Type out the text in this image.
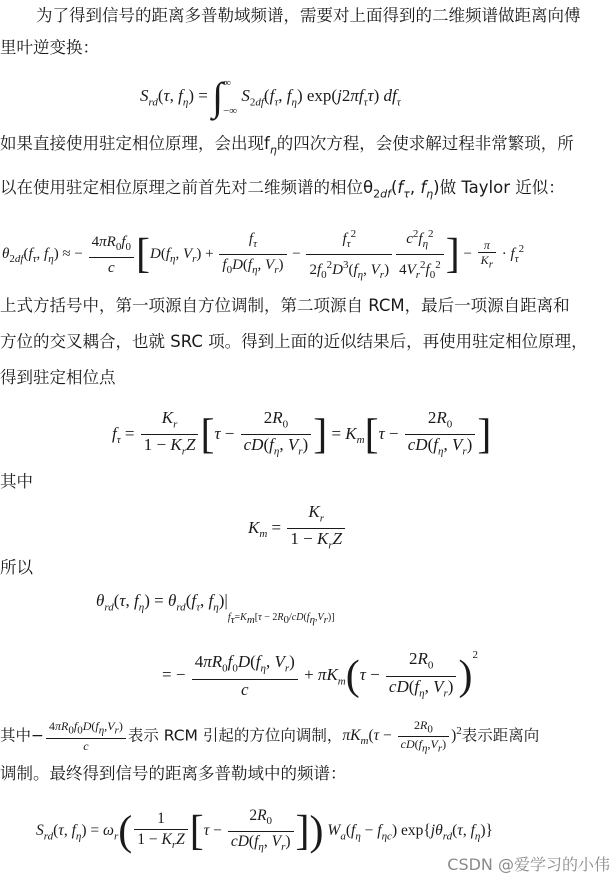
为了得到信号的距离多普勒域频谱，需要对上面得到的二维频谱做距离向傅
里叶逆变换：
$S_{rd}(\tau$, $f_\eta$) = ∫ ∞
−∞
$S_{2df}(f_\tau$, $f_\eta$) $\exp(j2\pi f_\tau\tau)$ $df_\tau$
如果直接使用驻定相位原理，会出现$f_\eta$的四次方程，会使求解过程非常繁琐，所
以在使用驻定相位原理之前首先对二维频谱的相位$\theta_{2df}(f_\tau$, $f_\eta$)做 Taylor 近似：
$\theta_{2df}(f_\tau$, $f_\eta$) ≈ − $\frac{4\pi R_0f_0}{c} [D(f_\eta$, $V_r) + \frac{f_\tau}{f_0D(f_\eta, V_r)} - \frac{f_\tau^2}{2f_0^2D^3(f_\eta, V_r)} \frac{c^2f_\eta^2}{4V_r^2f_0^2}$ ] − $\frac{\pi}{K_r} \cdot f_\tau^2$
上式方括号中，第一项源自方位调制，第二项源自 RCM，最后一项源自距离和
方位的交叉耦合，也就 SRC 项。得到上面的近似结果后，再使用驻定相位原理，
得到驻定相位点
$f_\tau = \frac{K_r}{1 - K_rZ} [\tau - \frac{2R_0}{cD(f_\eta, V_r)}$ ] = $K_m[\tau - \frac{2R_0}{cD(f_\eta, V_r)}$ ]
其中
$K_m = \frac{K_r}{1 - K_rZ}$
所以
$\theta_{rd}(\tau$, $f_\eta) = \theta_{rd}(f_\tau$, $f_\eta)|_{f_\tau=K_m[\tau - 2R_0/cD(f_\eta,V_r)]}$
= − $\frac{4\pi R_0f_0D(f_\eta, V_r)}{c} + \pi K_m(\tau - \frac{2R_0}{cD(f_\eta, V_r)} )^2$
其中− $\frac{4\pi R_0f_0D(f_\eta,V_r)}{c}$ 表示 RCM 引起的方位向调制，$\pi K_m(\tau - \frac{2R_0}{cD(f_\eta,V_r)} )^2$表示距离向
调制。最终得到信号的距离多普勒域中的频谱：
$S_{rd}(\tau$, $f_\eta) = \omega_r( \frac{1}{1 - K_rZ} [\tau - \frac{2R_0}{cD(f_\eta, V_r)}$ ]) $W_a(f_\eta - f_{\eta c})$ $\exp\{j\theta_{rd}(\tau$, $f_\eta$)}
CSDN @爱学习的小伟
